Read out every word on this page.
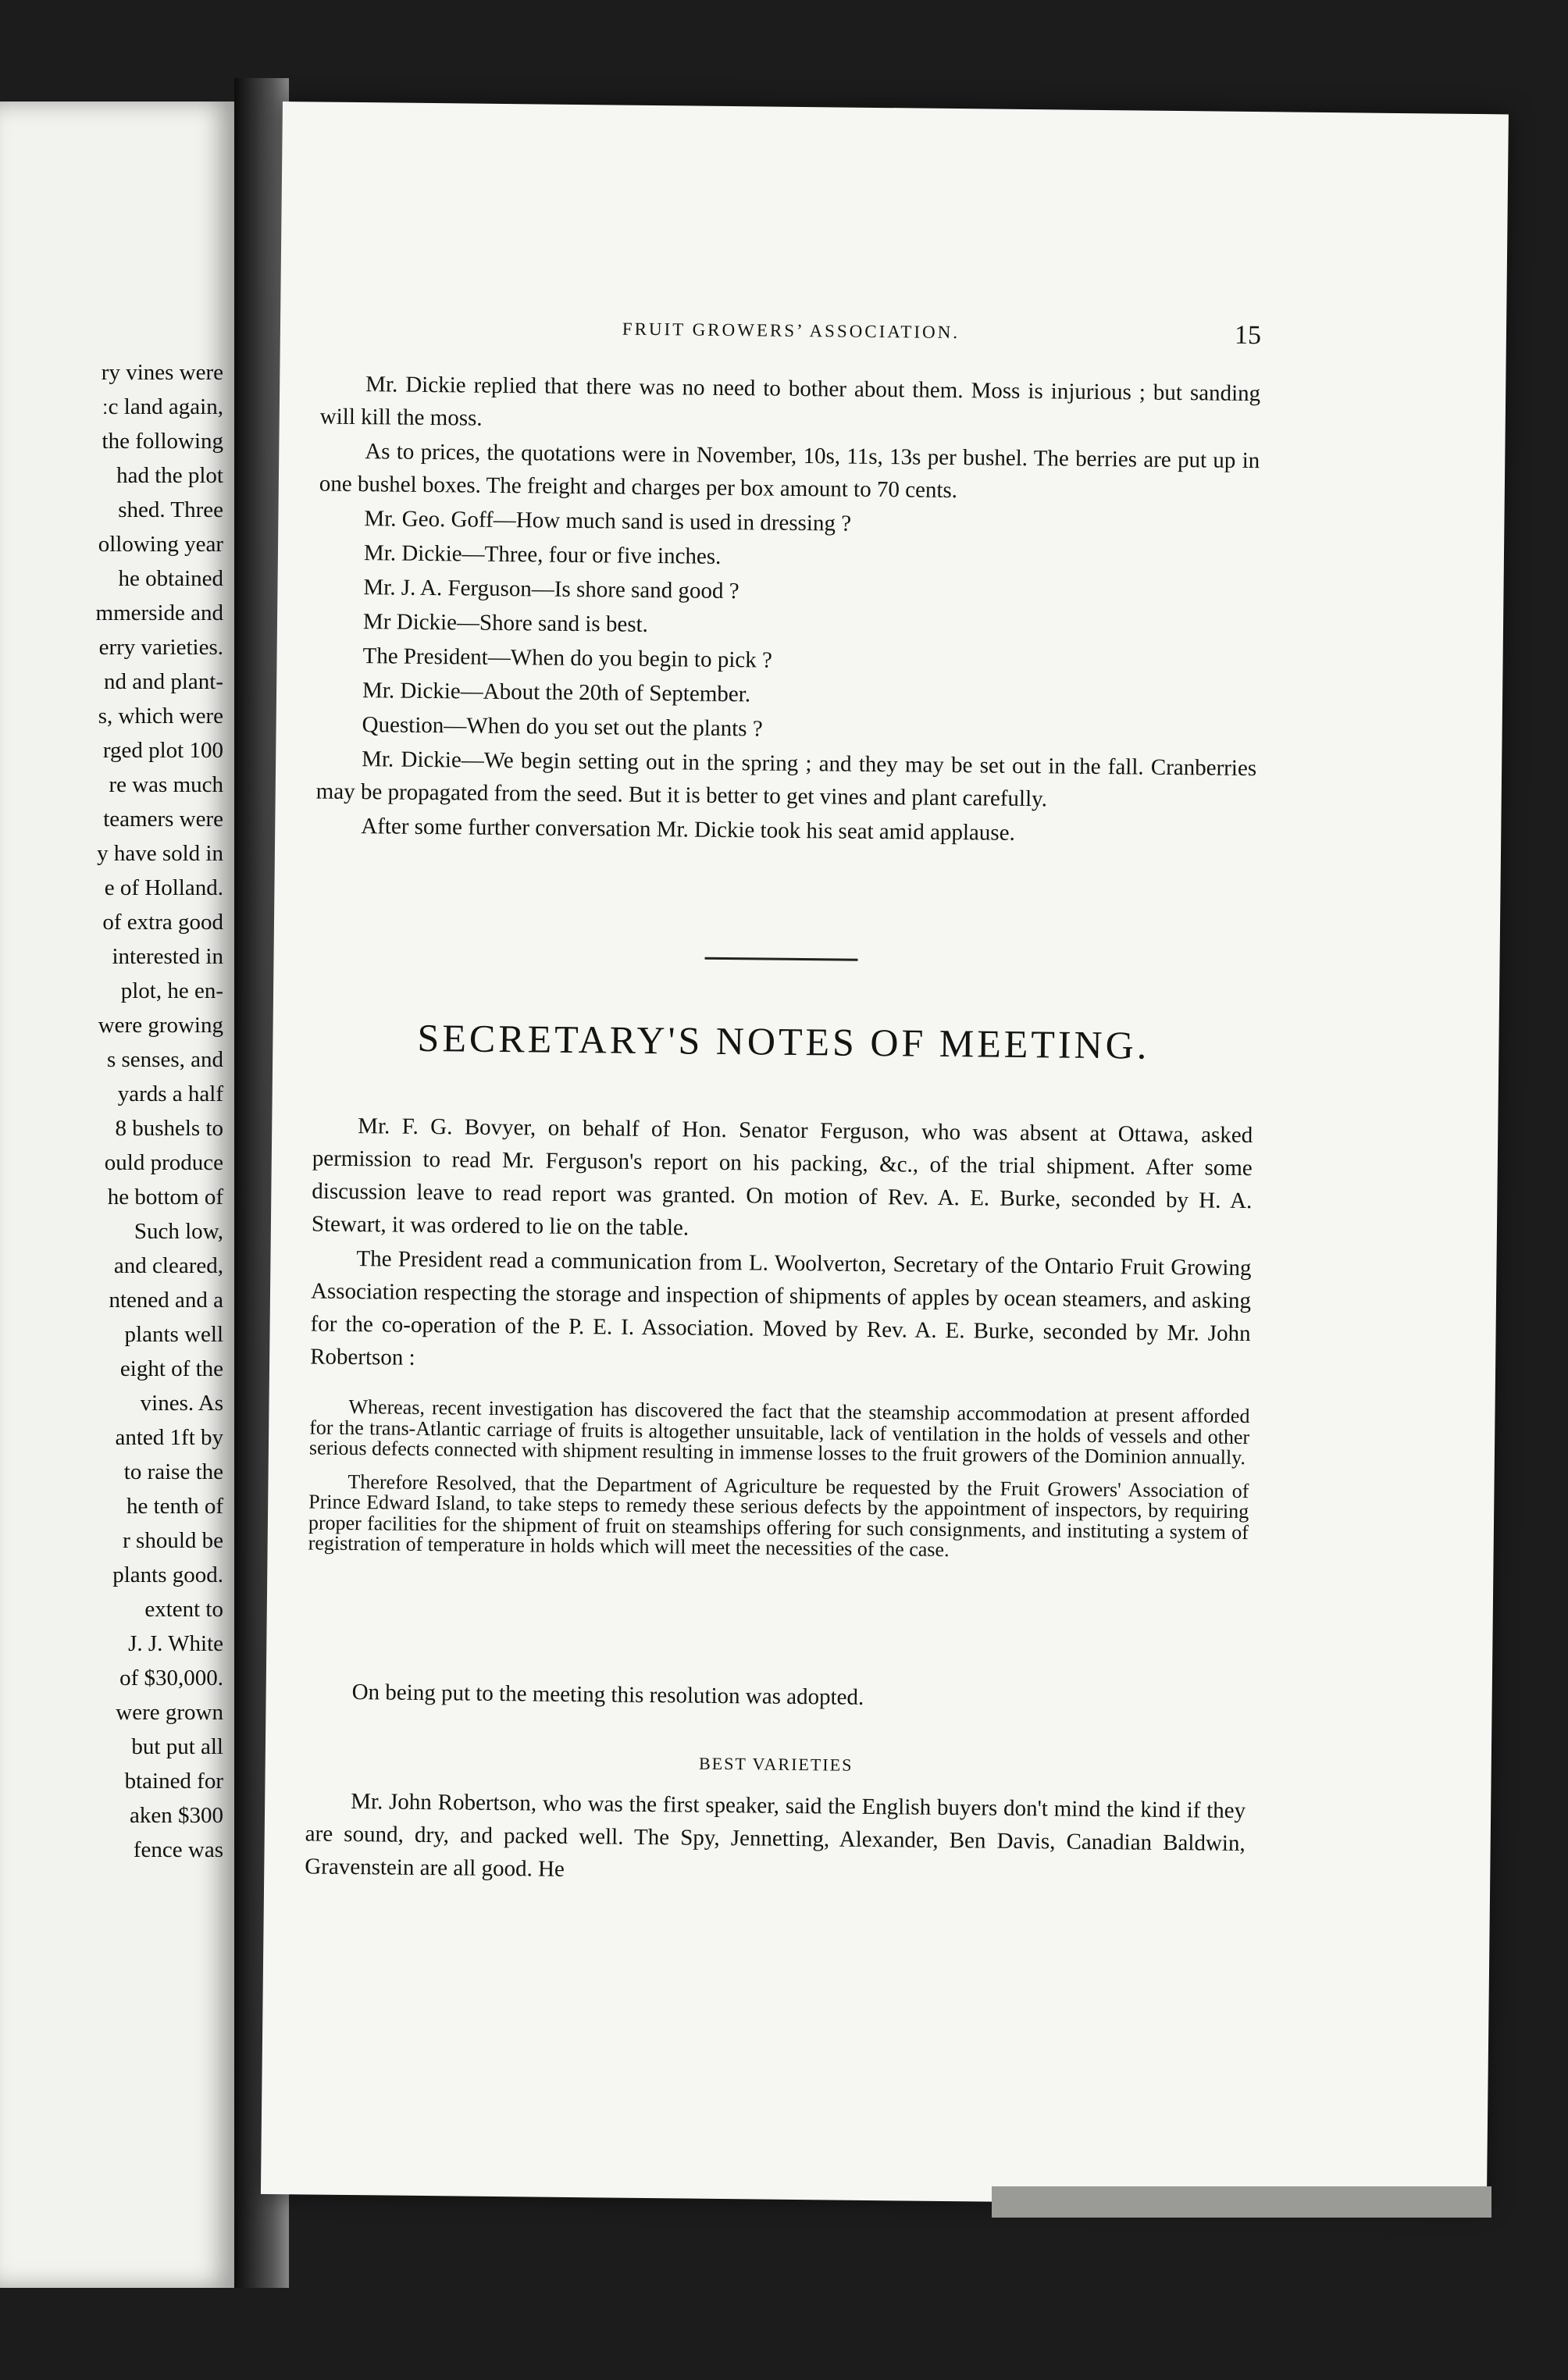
ry vines were

ːc land again,

the following

had the plot

shed. Three

ollowing year

he obtained

mmerside and

erry varieties.

nd and plant-

s, which were

rged plot 100

re was much

teamers were

y have sold in

e of Holland.

of extra good

interested in

plot, he en-

were growing

s senses, and

yards a half

8 bushels to

ould produce

he bottom of

Such low,

and cleared,

ntened and a

plants well

eight of the

vines. As

anted 1ft by

to raise the

he tenth of

r should be

plants good.

extent to

J. J. White

of $30,000.

were grown

but put all

btained for

aken $300

fence was

FRUIT GROWERS’ ASSOCIATION.	15

Mr. Dickie replied that there was no need to bother about them. Moss is injurious ; but sanding will kill the moss.

As to prices, the quotations were in November, 10s, 11s, 13s per bushel. The berries are put up in one bushel boxes. The freight and charges per box amount to 70 cents.

Mr. Geo. Goff—How much sand is used in dressing ?

Mr. Dickie—Three, four or five inches.

Mr. J. A. Ferguson—Is shore sand good ?

Mr Dickie—Shore sand is best.

The President—When do you begin to pick ?

Mr. Dickie—About the 20th of September.

Question—When do you set out the plants ?

Mr. Dickie—We begin setting out in the spring ; and they may be set out in the fall. Cranberries may be propagated from the seed. But it is better to get vines and plant carefully.

After some further conversation Mr. Dickie took his seat amid applause.

SECRETARY'S NOTES OF MEETING.

Mr. F. G. Bovyer, on behalf of Hon. Senator Ferguson, who was absent at Ottawa, asked permission to read Mr. Ferguson's report on his packing, &c., of the trial shipment. After some discussion leave to read report was granted. On motion of Rev. A. E. Burke, seconded by H. A. Stewart, it was ordered to lie on the table.

The President read a communication from L. Woolverton, Secretary of the Ontario Fruit Growing Association respecting the storage and inspection of shipments of apples by ocean steamers, and asking for the co-operation of the P. E. I. Association. Moved by Rev. A. E. Burke, seconded by Mr. John Robertson :

Whereas, recent investigation has discovered the fact that the steamship accommodation at present afforded for the trans-Atlantic carriage of fruits is altogether unsuitable, lack of ventilation in the holds of vessels and other serious defects connected with shipment resulting in immense losses to the fruit growers of the Dominion annually.

Therefore Resolved, that the Department of Agriculture be requested by the Fruit Growers' Association of Prince Edward Island, to take steps to remedy these serious defects by the appointment of inspectors, by requiring proper facilities for the shipment of fruit on steamships offering for such consignments, and instituting a system of registration of temperature in holds which will meet the necessities of the case.

On being put to the meeting this resolution was adopted.

BEST VARIETIES

Mr. John Robertson, who was the first speaker, said the English buyers don't mind the kind if they are sound, dry, and packed well. The Spy, Jennetting, Alexander, Ben Davis, Canadian Baldwin, Gravenstein are all good. He
